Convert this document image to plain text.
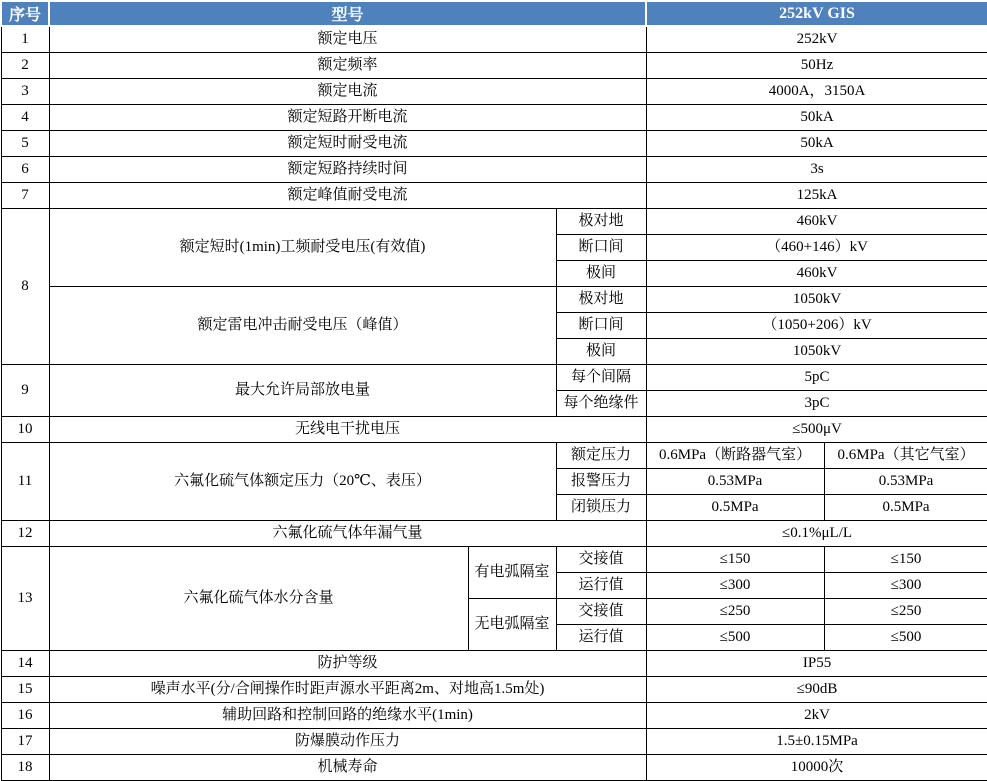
序号	型号			252kV GIS	
1	额定电压			252kV	
2	额定频率			50Hz	
3	额定电流			4000A，3150A	
4	额定短路开断电流			50kA	
5	额定短时耐受电流			50kA	
6	额定短路持续时间			3s	
7	额定峰值耐受电流			125kA	
8	额定短时(1min)工频耐受电压(有效值)		极对地	460kV	
			断口间	（460+146）kV	
			极间	460kV	
	额定雷电冲击耐受电压（峰值）		极对地	1050kV	
			断口间	（1050+206）kV	
			极间	1050kV	
9	最大允许局部放电量		每个间隔	5pC	
			每个绝缘件	3pC	
10	无线电干扰电压			≤500μV	
11	六氟化硫气体额定压力（20℃、表压）		额定压力	0.6MPa（断路器气室）	0.6MPa（其它气室）
			报警压力	0.53MPa	0.53MPa
			闭锁压力	0.5MPa	0.5MPa
12	六氟化硫气体年漏气量			≤0.1%μL/L	
13	六氟化硫气体水分含量	有电弧隔室	交接值	≤150	≤150
			运行值	≤300	≤300
		无电弧隔室	交接值	≤250	≤250
			运行值	≤500	≤500
14	防护等级			IP55	
15	噪声水平(分/合闸操作时距声源水平距离2m、对地高1.5m处)			≤90dB	
16	辅助回路和控制回路的绝缘水平(1min)			2kV	
17	防爆膜动作压力			1.5±0.15MPa	
18	机械寿命			10000次	
